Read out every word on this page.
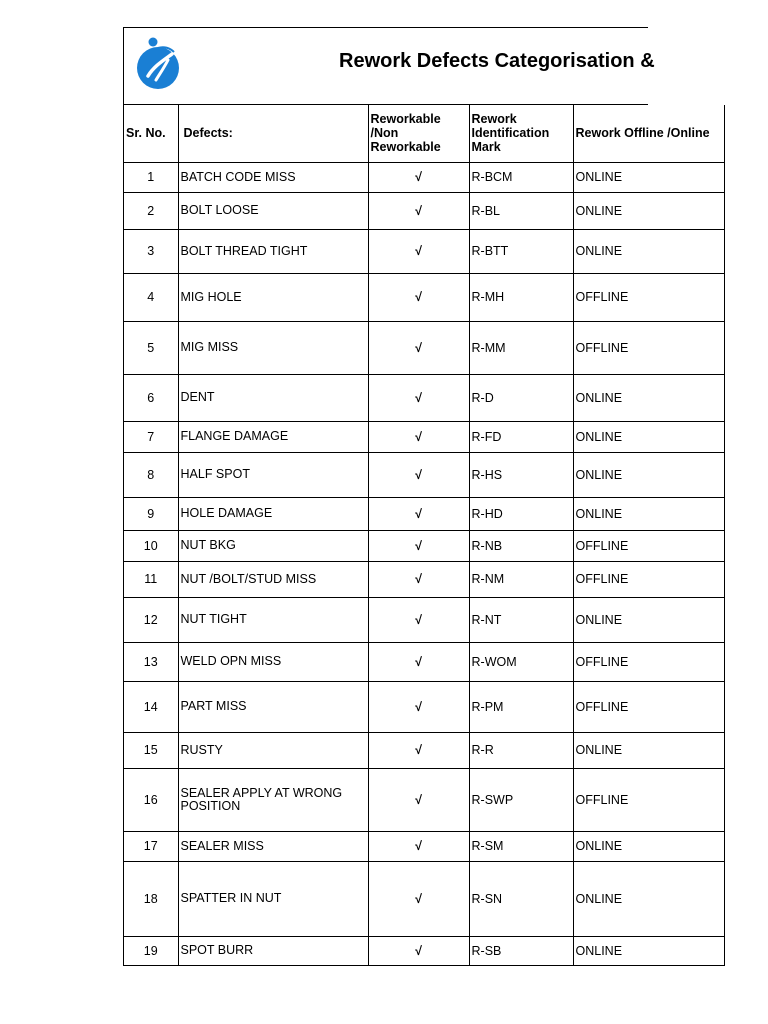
Rework Defects Categorisation &
Sr. No.	Defects:	Reworkable /Non Reworkable	Rework Identification Mark	Rework Offline /Online
1	BATCH CODE MISS	√	R-BCM	ONLINE
2	BOLT LOOSE	√	R-BL	ONLINE
3	BOLT THREAD TIGHT	√	R-BTT	ONLINE
4	MIG HOLE	√	R-MH	OFFLINE
5	MIG MISS	√	R-MM	OFFLINE
6	DENT	√	R-D	ONLINE
7	FLANGE DAMAGE	√	R-FD	ONLINE
8	HALF SPOT	√	R-HS	ONLINE
9	HOLE DAMAGE	√	R-HD	ONLINE
10	NUT BKG	√	R-NB	OFFLINE
11	NUT /BOLT/STUD MISS	√	R-NM	OFFLINE
12	NUT TIGHT	√	R-NT	ONLINE
13	WELD OPN MISS	√	R-WOM	OFFLINE
14	PART MISS	√	R-PM	OFFLINE
15	RUSTY	√	R-R	ONLINE
16	SEALER APPLY AT WRONG POSITION	√	R-SWP	OFFLINE
17	SEALER MISS	√	R-SM	ONLINE
18	SPATTER IN NUT	√	R-SN	ONLINE
19	SPOT BURR	√	R-SB	ONLINE
